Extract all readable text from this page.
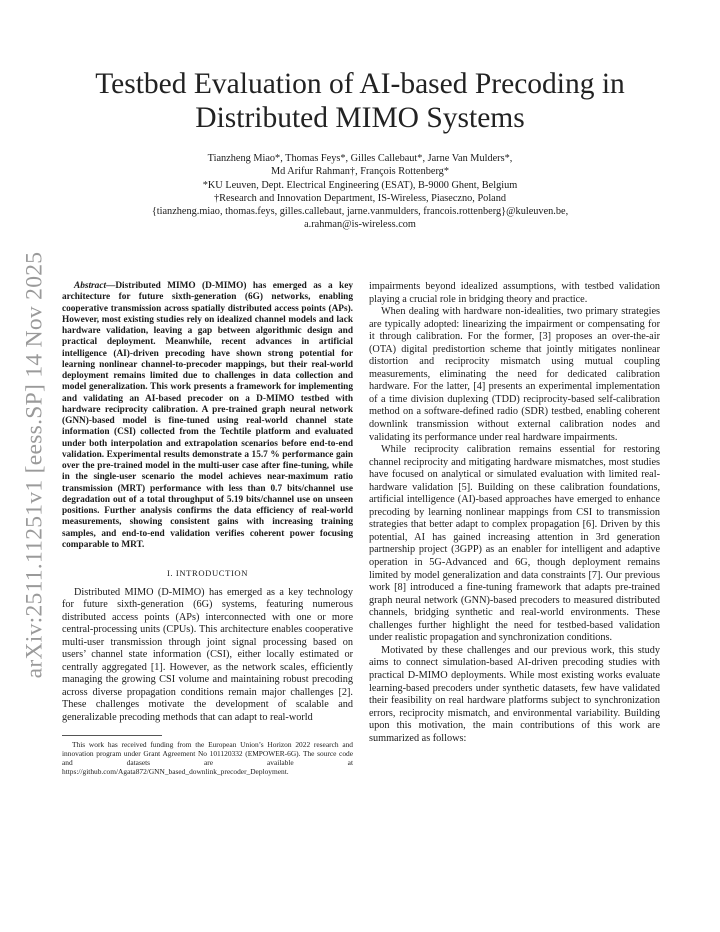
arXiv:2511.11251v1 [eess.SP] 14 Nov 2025
Testbed Evaluation of AI-based Precoding in
Distributed MIMO Systems
Tianzheng Miao*, Thomas Feys*, Gilles Callebaut*, Jarne Van Mulders*,
Md Arifur Rahman†, François Rottenberg*
*KU Leuven, Dept. Electrical Engineering (ESAT), B-9000 Ghent, Belgium
†Research and Innovation Department, IS-Wireless, Piaseczno, Poland
{tianzheng.miao, thomas.feys, gilles.callebaut, jarne.vanmulders, francois.rottenberg}@kuleuven.be,
a.rahman@is-wireless.com

Abstract—Distributed MIMO (D-MIMO) has emerged as a key architecture for future sixth-generation (6G) networks, enabling cooperative transmission across spatially distributed access points (APs). However, most existing studies rely on idealized channel models and lack hardware validation, leaving a gap between algorithmic design and practical deployment. Meanwhile, recent advances in artificial intelligence (AI)-driven precoding have shown strong potential for learning nonlinear channel-to-precoder mappings, but their real-world deployment remains limited due to challenges in data collection and model generalization. This work presents a framework for implementing and validating an AI-based precoder on a D-MIMO testbed with hardware reciprocity calibration. A pre-trained graph neural network (GNN)-based model is fine-tuned using real-world channel state information (CSI) collected from the Techtile platform and evaluated under both interpolation and extrapolation scenarios before end-to-end validation. Experimental results demonstrate a 15.7 % performance gain over the pre-trained model in the multi-user case after fine-tuning, while in the single-user scenario the model achieves near-maximum ratio transmission (MRT) performance with less than 0.7 bits/channel use degradation out of a total throughput of 5.19 bits/channel use on unseen positions. Further analysis confirms the data efficiency of real-world measurements, showing consistent gains with increasing training samples, and end-to-end validation verifies coherent power focusing comparable to MRT.

I. INTRODUCTION

Distributed MIMO (D-MIMO) has emerged as a key technology for future sixth-generation (6G) systems, featuring numerous distributed access points (APs) interconnected with one or more central-processing units (CPUs). This architecture enables cooperative multi-user transmission through joint signal processing based on users’ channel state information (CSI), either locally estimated or centrally aggregated [1]. However, as the network scales, efficiently managing the growing CSI volume and maintaining robust precoding across diverse propagation conditions remain major challenges [2]. These challenges motivate the development of scalable and generalizable precoding methods that can adapt to real-world

This work has received funding from the European Union’s Horizon 2022 research and innovation program under Grant Agreement No 101120332 (EMPOWER-6G). The source code and datasets are available at https://github.com/Agata872/GNN_based_downlink_precoder_Deployment.

impairments beyond idealized assumptions, with testbed validation playing a crucial role in bridging theory and practice.

When dealing with hardware non-idealities, two primary strategies are typically adopted: linearizing the impairment or compensating for it through calibration. For the former, [3] proposes an over-the-air (OTA) digital predistortion scheme that jointly mitigates nonlinear distortion and reciprocity mismatch using mutual coupling measurements, eliminating the need for dedicated calibration hardware. For the latter, [4] presents an experimental implementation of a time division duplexing (TDD) reciprocity-based self-calibration method on a software-defined radio (SDR) testbed, enabling coherent downlink transmission without external calibration nodes and validating its performance under real hardware impairments.

While reciprocity calibration remains essential for restoring channel reciprocity and mitigating hardware mismatches, most studies have focused on analytical or simulated evaluation with limited real-hardware validation [5]. Building on these calibration foundations, artificial intelligence (AI)-based approaches have emerged to enhance precoding by learning nonlinear mappings from CSI to transmission strategies that better adapt to complex propagation [6]. Driven by this potential, AI has gained increasing attention in 3rd generation partnership project (3GPP) as an enabler for intelligent and adaptive operation in 5G-Advanced and 6G, though deployment remains limited by model generalization and data constraints [7]. Our previous work [8] introduced a fine-tuning framework that adapts pre-trained graph neural network (GNN)-based precoders to measured distributed channels, bridging synthetic and real-world environments. These challenges further highlight the need for testbed-based validation under realistic propagation and synchronization conditions.

Motivated by these challenges and our previous work, this study aims to connect simulation-based AI-driven precoding studies with practical D-MIMO deployments. While most existing works evaluate learning-based precoders under synthetic datasets, few have validated their feasibility on real hardware platforms subject to synchronization errors, reciprocity mismatch, and environmental variability. Building upon this motivation, the main contributions of this work are summarized as follows:
